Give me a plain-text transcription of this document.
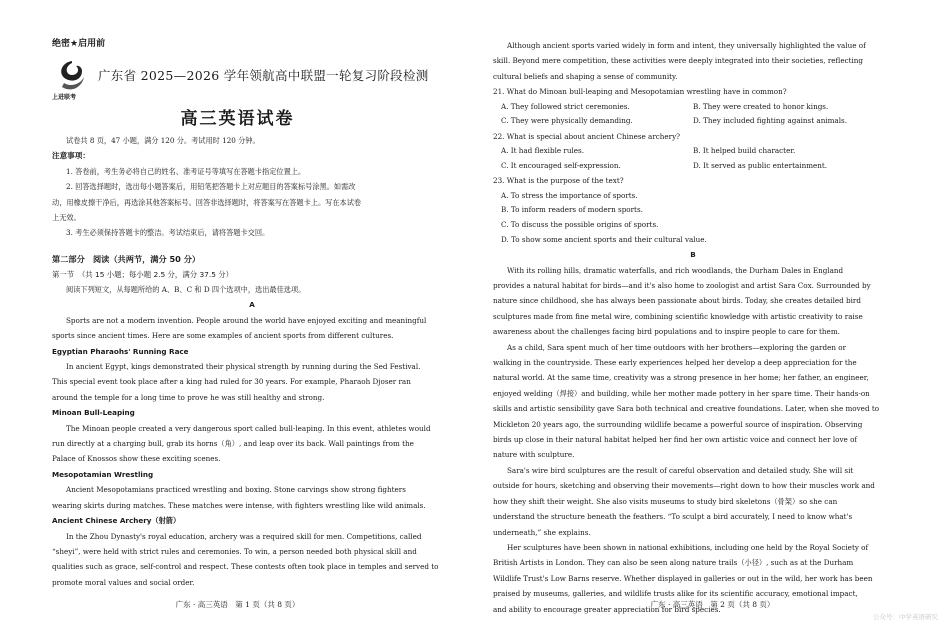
绝密★启用前
上进联考
广东省 2025—2026 学年领航高中联盟一轮复习阶段检测
高三英语试卷

试卷共 8 页，47 小题，满分 120 分。考试用时 120 分钟。

注意事项：

1. 答卷前，考生务必将自己的姓名、准考证号等填写在答题卡指定位置上。

2. 回答选择题时，选出每小题答案后，用铅笔把答题卡上对应题目的答案标号涂黑。如需改

动，用橡皮擦干净后，再选涂其他答案标号。回答非选择题时，将答案写在答题卡上。写在本试卷

上无效。

3. 考生必须保持答题卡的整洁。考试结束后，请将答题卡交回。

第二部分　阅读（共两节，满分 50 分）
第一节　（共 15 小题；每小题 2.5 分，满分 37.5 分）

阅读下列短文，从每题所给的 A、B、C 和 D 四个选项中，选出最佳选项。

A

Sports are not a modern invention. People around the world have enjoyed exciting and meaningful

sports since ancient times. Here are some examples of ancient sports from different cultures.

Egyptian Pharaohs' Running Race

In ancient Egypt, kings demonstrated their physical strength by running during the Sed Festival.

This special event took place after a king had ruled for 30 years. For example, Pharaoh Djoser ran

around the temple for a long time to prove he was still healthy and strong.

Minoan Bull-Leaping

The Minoan people created a very dangerous sport called bull-leaping. In this event, athletes would

run directly at a charging bull, grab its horns（角）, and leap over its back. Wall paintings from the

Palace of Knossos show these exciting scenes.

Mesopotamian Wrestling

Ancient Mesopotamians practiced wrestling and boxing. Stone carvings show strong fighters

wearing skirts during matches. These matches were intense, with fighters wrestling like wild animals.

Ancient Chinese Archery（射箭）

In the Zhou Dynasty's royal education, archery was a required skill for men. Competitions, called

“sheyi”, were held with strict rules and ceremonies. To win, a person needed both physical skill and

qualities such as grace, self-control and respect. These contests often took place in temples and served to

promote moral values and social order.

广东 · 高三英语　第 1 页（共 8 页）

Although ancient sports varied widely in form and intent, they universally highlighted the value of

skill. Beyond mere competition, these activities were deeply integrated into their societies, reflecting

cultural beliefs and shaping a sense of community.

21. What do Minoan bull-leaping and Mesopotamian wrestling have in common?

A. They followed strict ceremonies.	B. They were created to honor kings.
C. They were physically demanding.	D. They included fighting against animals.

22. What is special about ancient Chinese archery?

A. It had flexible rules.	B. It helped build character.
C. It encouraged self-expression.	D. It served as public entertainment.

23. What is the purpose of the text?

A. To stress the importance of sports.
B. To inform readers of modern sports.
C. To discuss the possible origins of sports.
D. To show some ancient sports and their cultural value.

B

With its rolling hills, dramatic waterfalls, and rich woodlands, the Durham Dales in England

provides a natural habitat for birds—and it's also home to zoologist and artist Sara Cox. Surrounded by

nature since childhood, she has always been passionate about birds. Today, she creates detailed bird

sculptures made from fine metal wire, combining scientific knowledge with artistic creativity to raise

awareness about the challenges facing bird populations and to inspire people to care for them.

As a child, Sara spent much of her time outdoors with her brothers—exploring the garden or

walking in the countryside. These early experiences helped her develop a deep appreciation for the

natural world. At the same time, creativity was a strong presence in her home; her father, an engineer,

enjoyed welding（焊接）and building, while her mother made pottery in her spare time. Their hands-on

skills and artistic sensibility gave Sara both technical and creative foundations. Later, when she moved to

Mickleton 20 years ago, the surrounding wildlife became a powerful source of inspiration. Observing

birds up close in their natural habitat helped her find her own artistic voice and connect her love of

nature with sculpture.

Sara's wire bird sculptures are the result of careful observation and detailed study. She will sit

outside for hours, sketching and observing their movements—right down to how their muscles work and

how they shift their weight. She also visits museums to study bird skeletons（骨架）so she can

understand the structure beneath the feathers. “To sculpt a bird accurately, I need to know what's

underneath,” she explains.

Her sculptures have been shown in national exhibitions, including one held by the Royal Society of

British Artists in London. They can also be seen along nature trails（小径）, such as at the Durham

Wildlife Trust's Low Barns reserve. Whether displayed in galleries or out in the wild, her work has been

praised by museums, galleries, and wildlife trusts alike for its scientific accuracy, emotional impact,

and ability to encourage greater appreciation for bird species.

广东 · 高三英语　第 2 页（共 8 页）
公众号：中学英语研究
